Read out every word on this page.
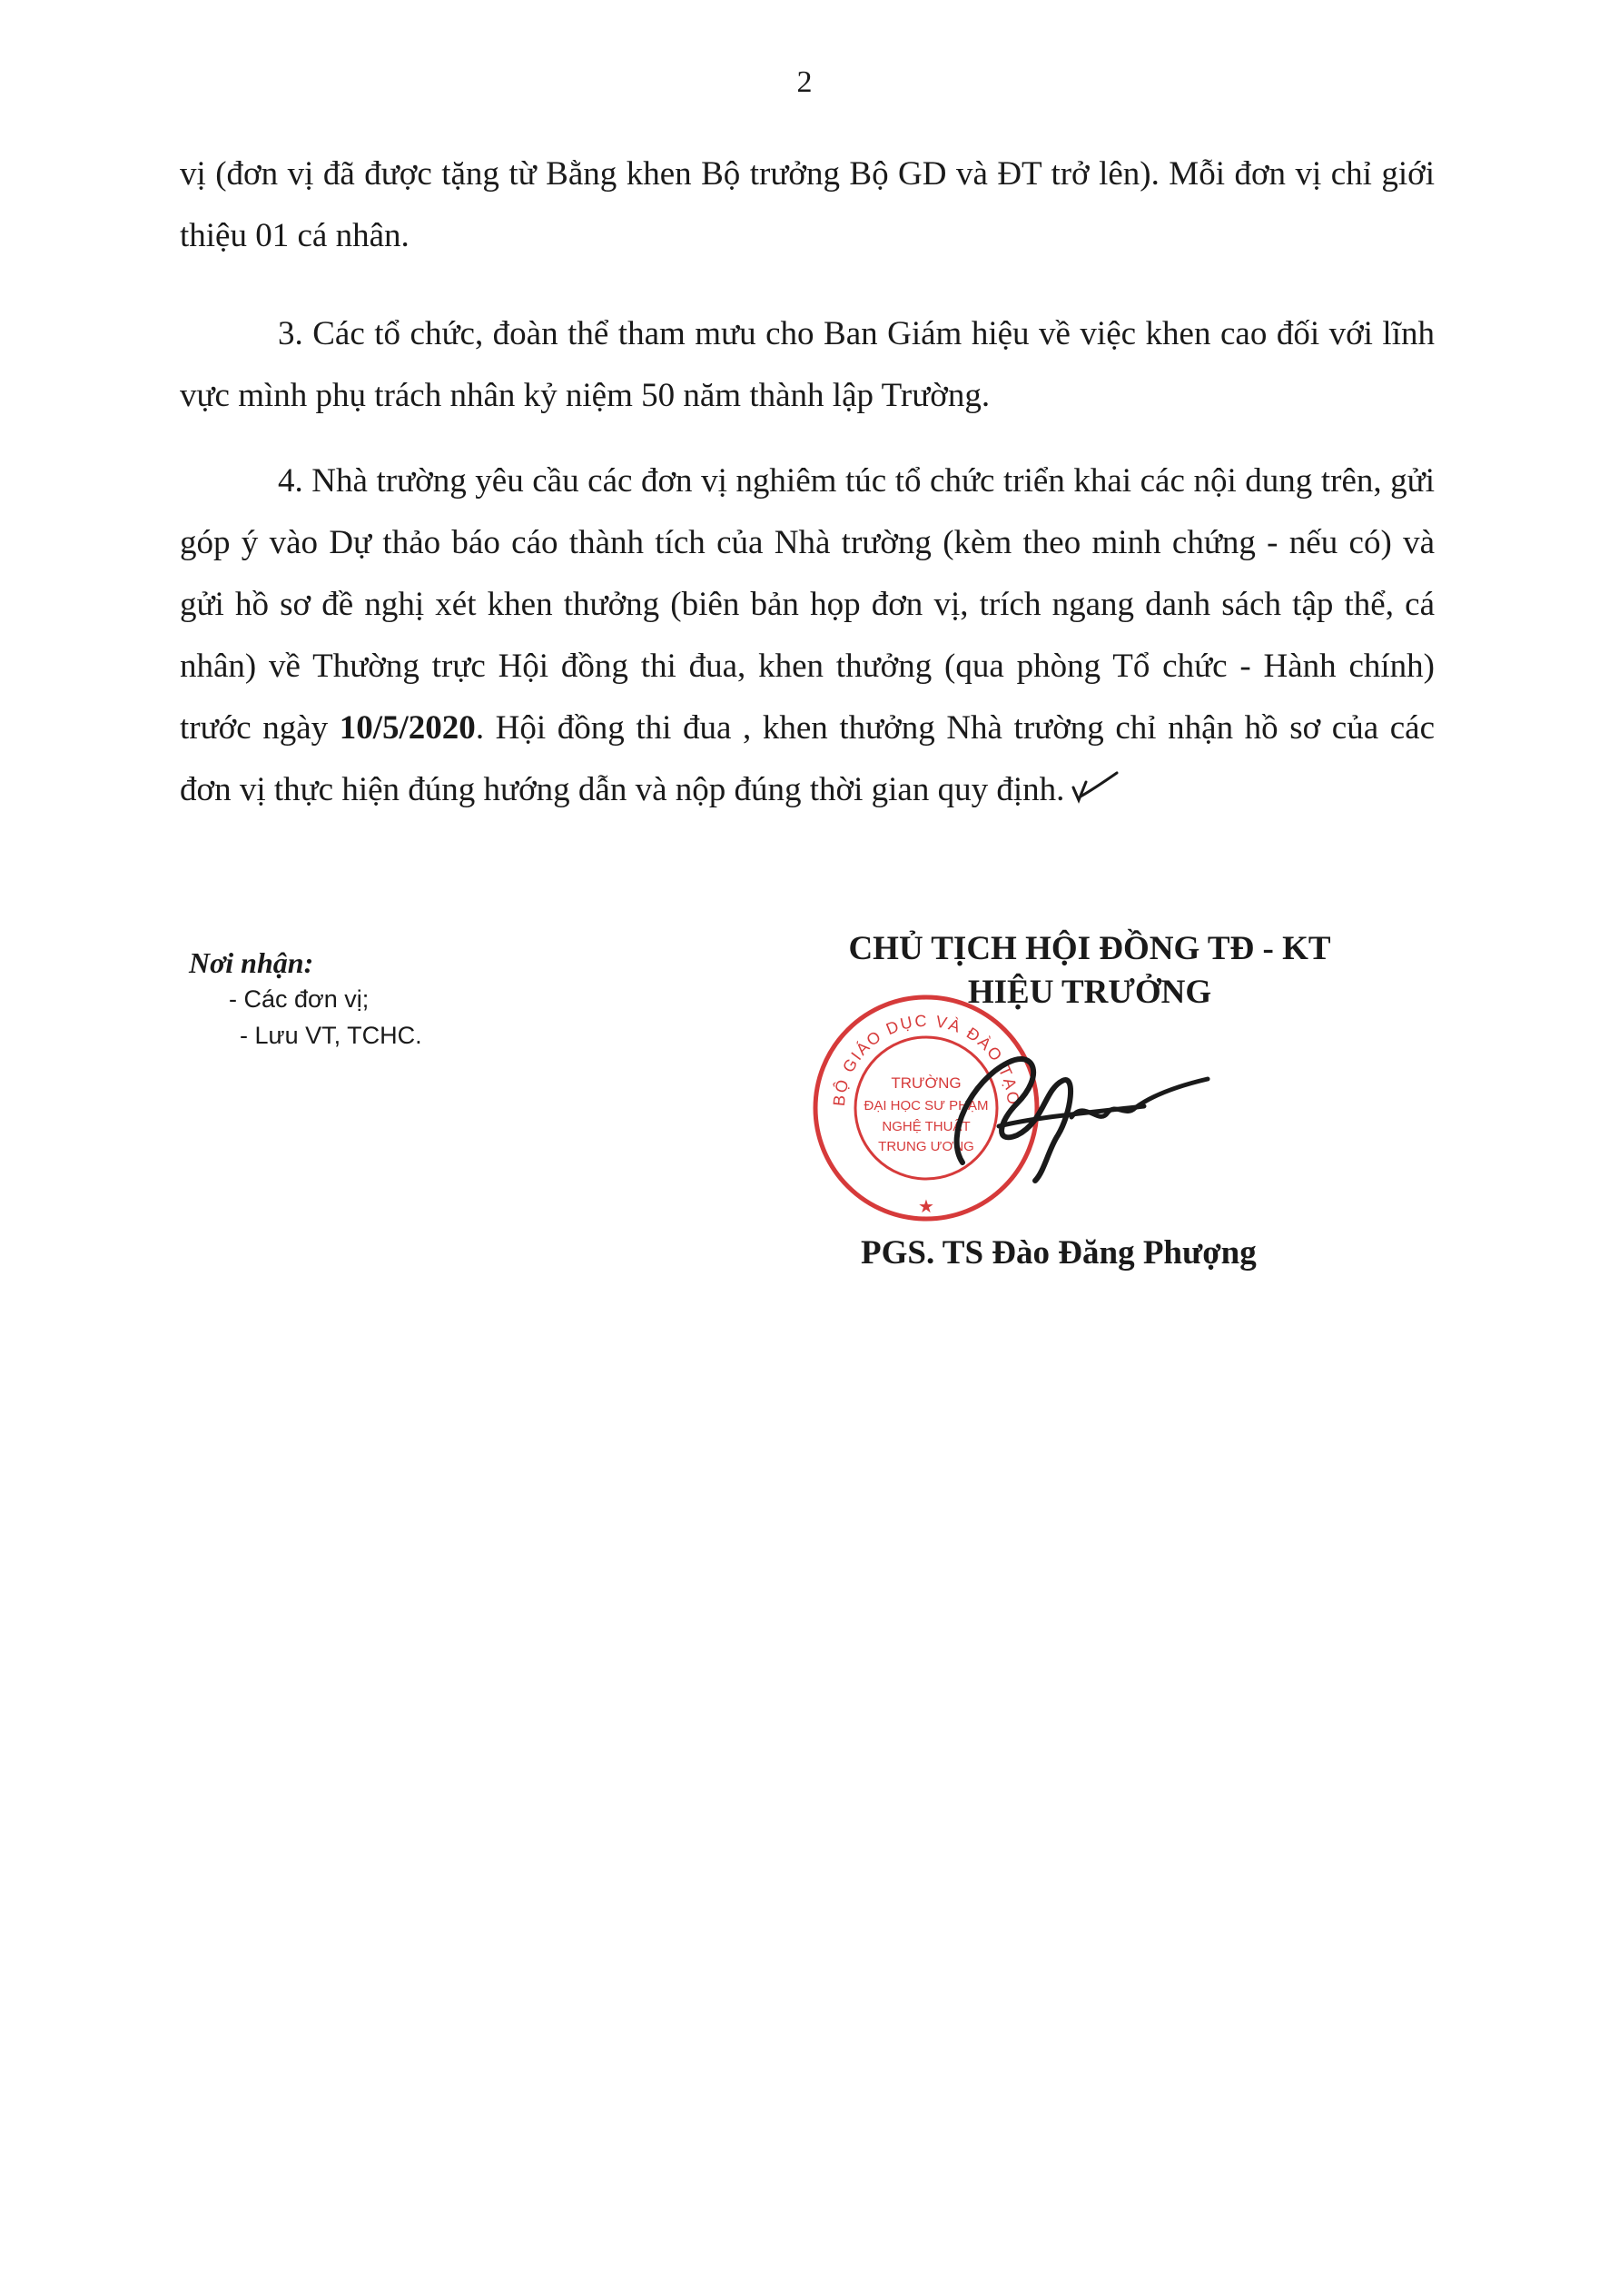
2

vị (đơn vị đã được tặng từ Bằng khen Bộ trưởng Bộ GD và ĐT trở lên). Mỗi đơn vị chỉ giới thiệu 01 cá nhân.

3. Các tổ chức, đoàn thể tham mưu cho Ban Giám hiệu về việc khen cao đối với lĩnh vực mình phụ trách nhân kỷ niệm 50 năm thành lập Trường.

4. Nhà trường yêu cầu các đơn vị nghiêm túc tổ chức triển khai các nội dung trên, gửi góp ý vào Dự thảo báo cáo thành tích của Nhà trường (kèm theo minh chứng - nếu có) và gửi hồ sơ đề nghị xét khen thưởng (biên bản họp đơn vị, trích ngang danh sách tập thể, cá nhân) về Thường trực Hội đồng thi đua, khen thưởng (qua phòng Tổ chức - Hành chính) trước ngày 10/5/2020. Hội đồng thi đua , khen thưởng Nhà trường chỉ nhận hồ sơ của các đơn vị thực hiện đúng hướng dẫn và nộp đúng thời gian quy định.

Nơi nhận:
- Các đơn vị;
- Lưu VT, TCHC.
BỘ GIÁO DỤC VÀ ĐÀO TẠO
TRƯỜNG
ĐẠI HỌC SƯ PHẠM
NGHỆ THUẬT
TRUNG ƯƠNG
★
CHỦ TỊCH HỘI ĐỒNG TĐ - KT
HIỆU TRƯỞNG
PGS. TS Đào Đăng Phượng
